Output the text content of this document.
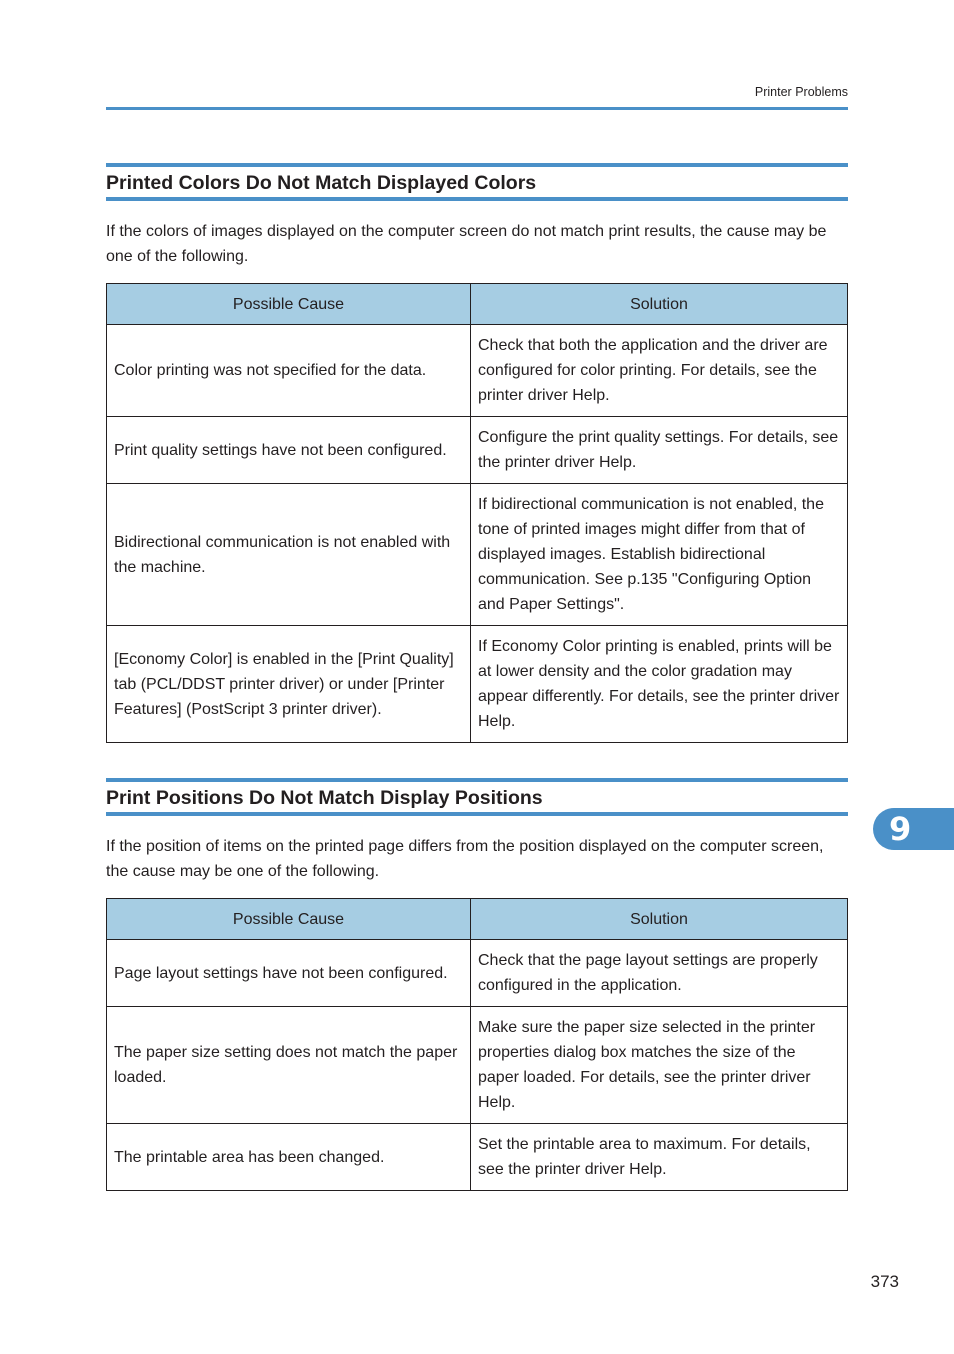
Printer Problems
Printed Colors Do Not Match Displayed Colors

If the colors of images displayed on the computer screen do not match print results, the cause may be one of the following.

Possible Cause	Solution
Color printing was not specified for the data.	Check that both the application and the driver are configured for color printing. For details, see the printer driver Help.
Print quality settings have not been configured.	Configure the print quality settings. For details, see the printer driver Help.
Bidirectional communication is not enabled with the machine.	If bidirectional communication is not enabled, the tone of printed images might differ from that of displayed images. Establish bidirectional communication. See p.135 "Configuring Option and Paper Settings".
[Economy Color] is enabled in the [Print Quality] tab (PCL/DDST printer driver) or under [Printer Features] (PostScript 3 printer driver).	If Economy Color printing is enabled, prints will be at lower density and the color gradation may appear differently. For details, see the printer driver Help.
Print Positions Do Not Match Display Positions

If the position of items on the printed page differs from the position displayed on the computer screen, the cause may be one of the following.

Possible Cause	Solution
Page layout settings have not been configured.	Check that the page layout settings are properly configured in the application.
The paper size setting does not match the paper loaded.	Make sure the paper size selected in the printer properties dialog box matches the size of the paper loaded. For details, see the printer driver Help.
The printable area has been changed.	Set the printable area to maximum. For details, see the printer driver Help.
9
373
